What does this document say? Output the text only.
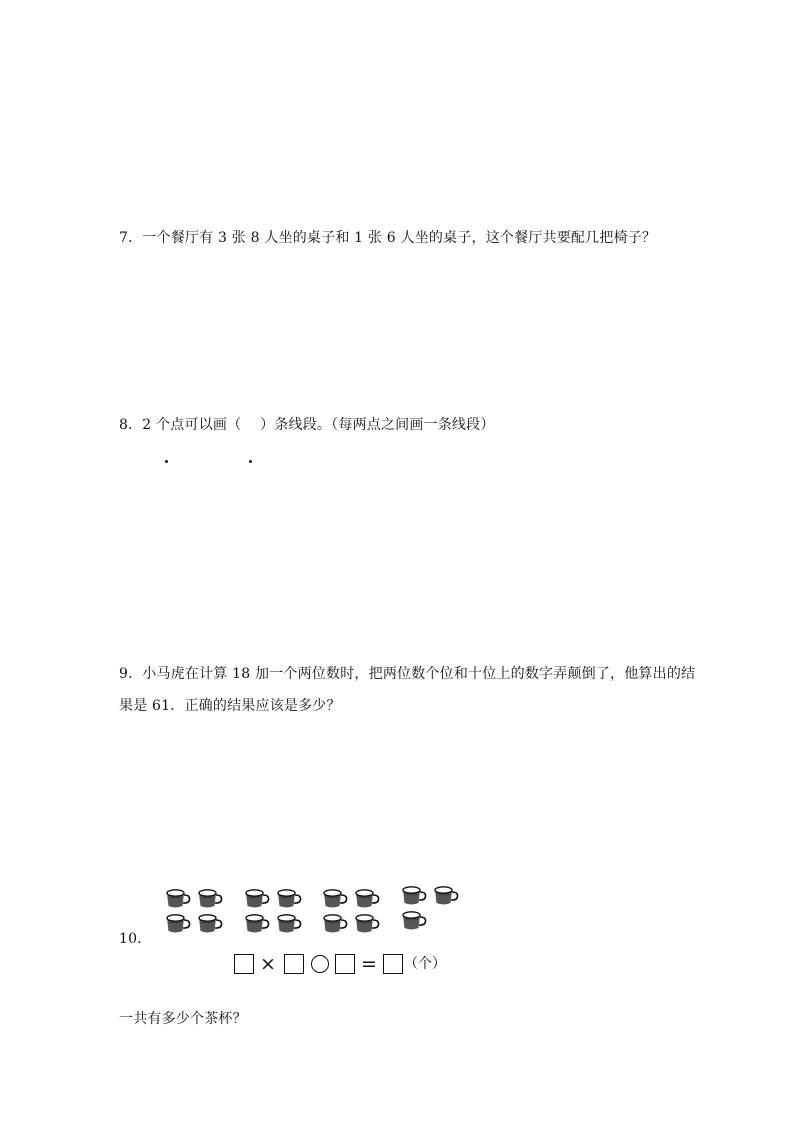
7．一个餐厅有 3 张 8 人坐的桌子和 1 张 6 人坐的桌子，这个餐厅共要配几把椅子？
8．2 个点可以画（　 ）条线段。（每两点之间画一条线段）
9．小马虎在计算 18 加一个两位数时，把两位数个位和十位上的数字弄颠倒了，他算出的结
果是 61．正确的结果应该是多少？
10．
×	= （个）
一共有多少个茶杯？
